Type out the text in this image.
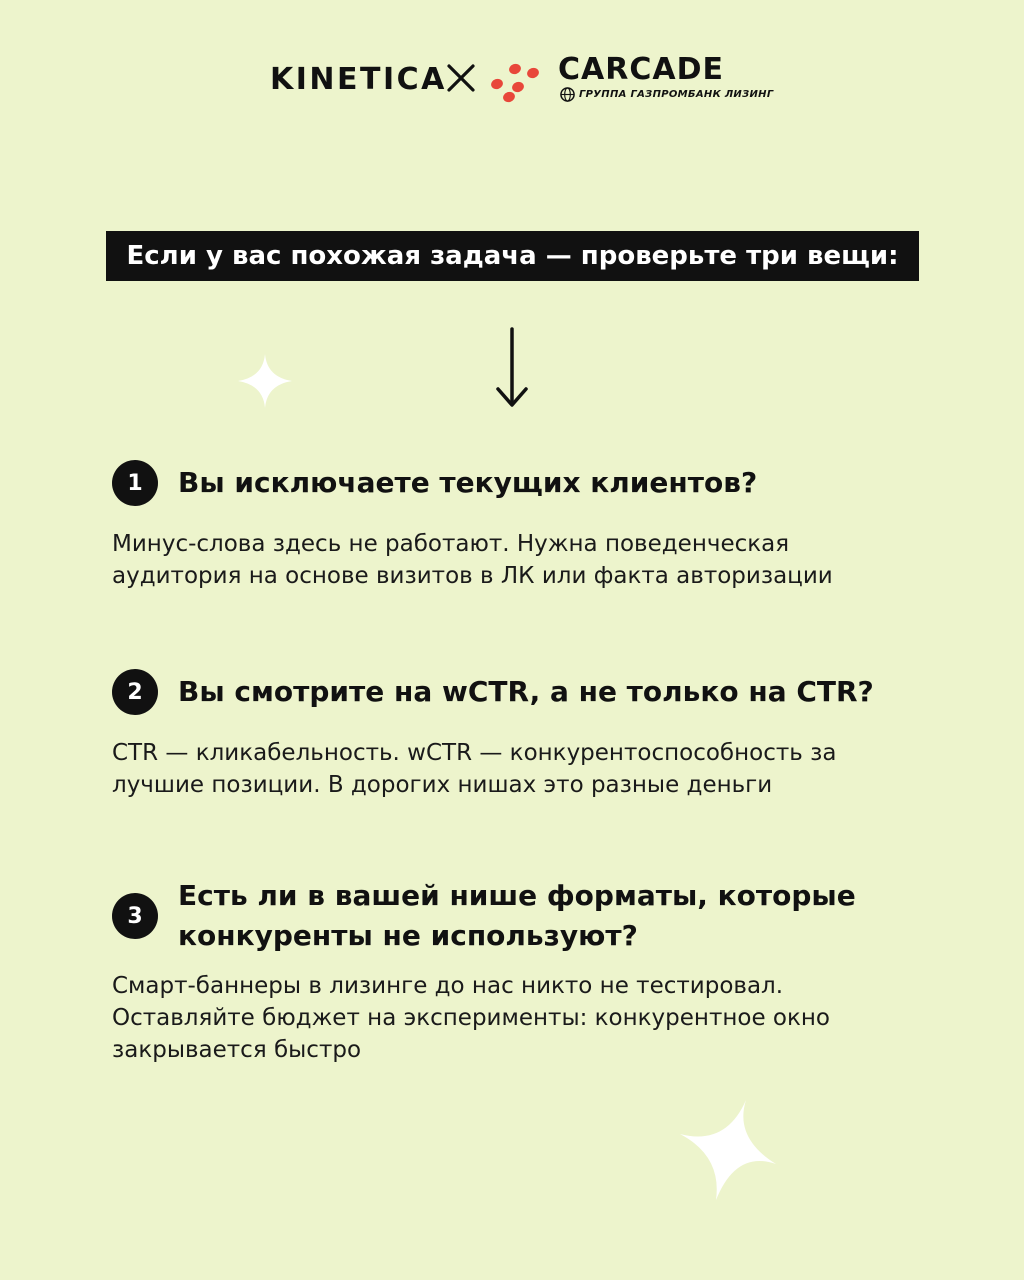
KINETICA	CARCADE
ГРУППА ГАЗПРОМБАНК ЛИЗИНГ
Если у вас похожая задача — проверьте три вещи:
1	Вы исключаете текущих клиентов?
Минус-слова здесь не работают. Нужна поведенческая аудитория на основе визитов в ЛК или факта авторизации
2	Вы смотрите на wCTR, а не только на CTR?
CTR — кликабельность. wCTR — конкурентоспособность за лучшие позиции. В дорогих нишах это разные деньги
3
Есть ли в вашей нише форматы, которые конкуренты не используют?
Смарт-баннеры в лизинге до нас никто не тестировал. Оставляйте бюджет на эксперименты: конкурентное окно закрывается быстро
